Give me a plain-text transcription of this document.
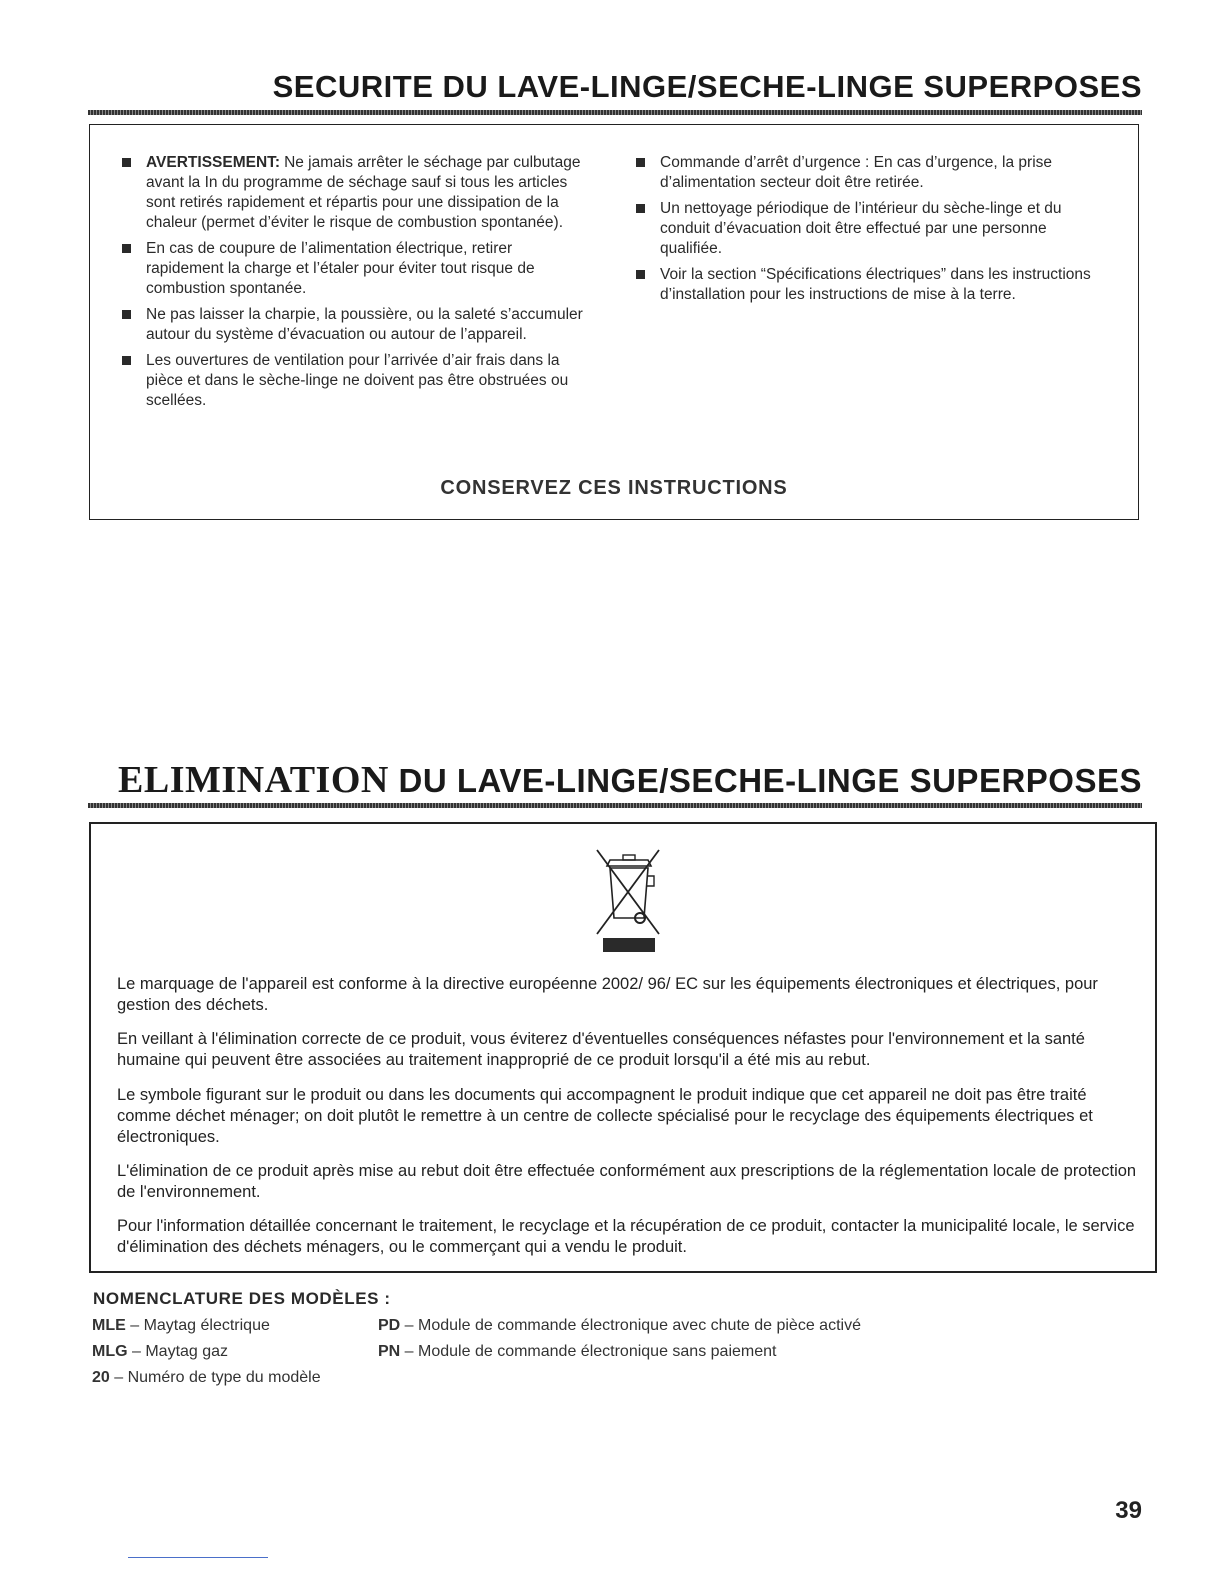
SECURITE DU LAVE-LINGE/SECHE-LINGE SUPERPOSES
AVERTISSEMENT: Ne jamais arrêter le séchage par culbutage avant la In du programme de séchage sauf si tous les articles sont retirés rapidement et répartis pour une dissipation de la chaleur (permet d’éviter le risque de combustion spontanée).
En cas de coupure de l’alimentation électrique, retirer rapidement la charge et l’étaler pour éviter tout risque de combustion spontanée.
Ne pas laisser la charpie, la poussière, ou la saleté s’accumuler autour du système d’évacuation ou autour de l’appareil.
Les ouvertures de ventilation pour l’arrivée d’air frais dans la pièce et dans le sèche-linge ne doivent pas être obstruées ou scellées.
Commande d’arrêt d’urgence : En cas d’urgence, la prise d’alimentation secteur doit être retirée.
Un nettoyage périodique de l’intérieur du sèche-linge et du conduit d’évacuation doit être effectué par une personne qualifiée.
Voir la section “Spécifications électriques” dans les instructions d’installation pour les instructions de mise à la terre.
CONSERVEZ CES INSTRUCTIONS
ELIMINATION DU LAVE-LINGE/SECHE-LINGE SUPERPOSES

Le marquage de l'appareil est conforme à la directive européenne 2002/ 96/ EC sur les équipements électroniques et électriques, pour gestion des déchets.

En veillant à l'élimination correcte de ce produit, vous éviterez d'éventuelles conséquences néfastes pour l'environnement et la santé humaine qui peuvent être associées au traitement inapproprié de ce produit lorsqu'il a été mis au rebut.

Le symbole figurant sur le produit ou dans les documents qui accompagnent le produit indique que cet appareil ne doit pas être traité comme déchet ménager; on doit plutôt le remettre à un centre de collecte spécialisé pour le recyclage des équipements électriques et électroniques.

L'élimination de ce produit après mise au rebut doit être effectuée conformément aux prescriptions de la réglementation locale de protection de l'environnement.

Pour l'information détaillée concernant le traitement, le recyclage et la récupération de ce produit, contacter la municipalité locale, le service d'élimination des déchets ménagers, ou le commerçant qui a vendu le produit.

NOMENCLATURE DES MODÈLES :
MLE – Maytag électrique	PD – Module de commande électronique avec chute de pièce activé
MLG – Maytag gaz	PN – Module de commande électronique sans paiement
20 – Numéro de type du modèle
39
